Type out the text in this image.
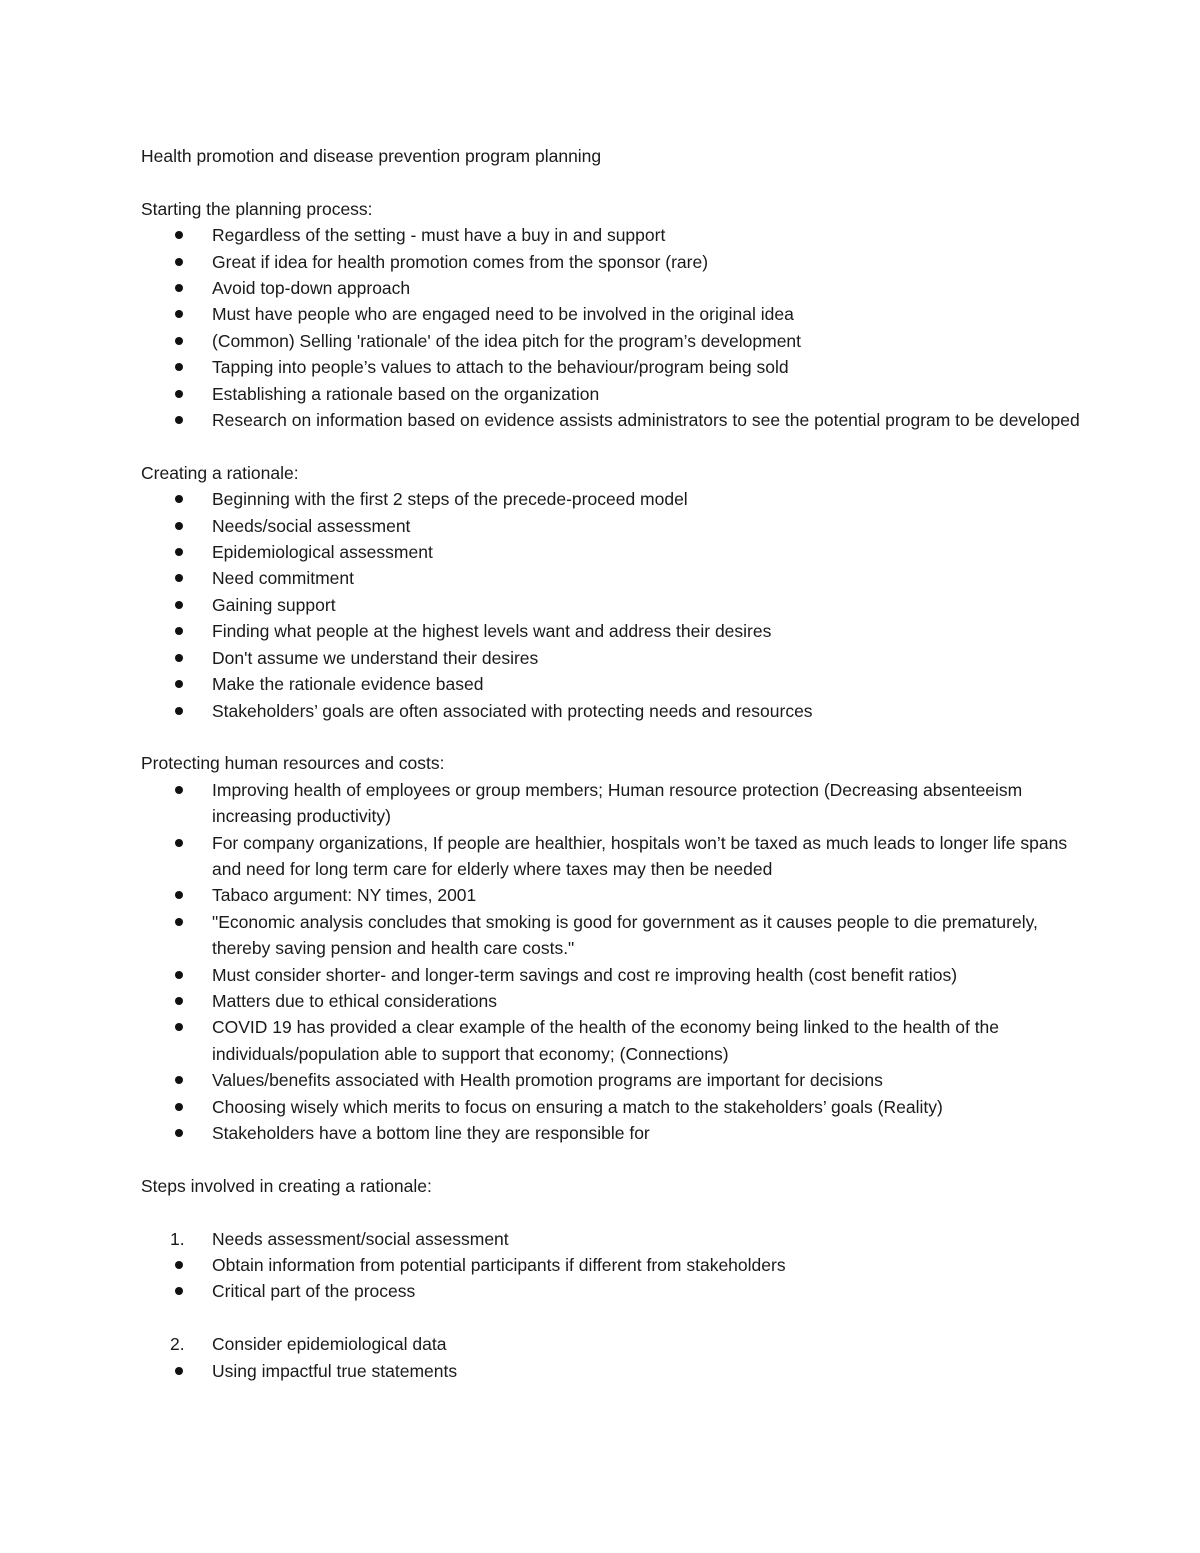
Health promotion and disease prevention program planning

Starting the planning process:

Regardless of the setting - must have a buy in and support
Great if idea for health promotion comes from the sponsor (rare)
Avoid top-down approach
Must have people who are engaged need to be involved in the original idea
(Common) Selling 'rationale' of the idea pitch for the program’s development
Tapping into people’s values to attach to the behaviour/program being sold
Establishing a rationale based on the organization
Research on information based on evidence assists administrators to see the potential program to be developed

Creating a rationale:

Beginning with the first 2 steps of the precede-proceed model
Needs/social assessment
Epidemiological assessment
Need commitment
Gaining support
Finding what people at the highest levels want and address their desires
Don't assume we understand their desires
Make the rationale evidence based
Stakeholders’ goals are often associated with protecting needs and resources

Protecting human resources and costs:

Improving health of employees or group members; Human resource protection (Decreasing absenteeism increasing productivity)
For company organizations, If people are healthier, hospitals won’t be taxed as much leads to longer life spans and need for long term care for elderly where taxes may then be needed
Tabaco argument: NY times, 2001
"Economic analysis concludes that smoking is good for government as it causes people to die prematurely, thereby saving pension and health care costs."
Must consider shorter- and longer-term savings and cost re improving health (cost benefit ratios)
Matters due to ethical considerations
COVID 19 has provided a clear example of the health of the economy being linked to the health of the individuals/population able to support that economy; (Connections)
Values/benefits associated with Health promotion programs are important for decisions
Choosing wisely which merits to focus on ensuring a match to the stakeholders’ goals (Reality)
Stakeholders have a bottom line they are responsible for

Steps involved in creating a rationale:

1. Needs assessment/social assessment
Obtain information from potential participants if different from stakeholders
Critical part of the process
2. Consider epidemiological data
Using impactful true statements
